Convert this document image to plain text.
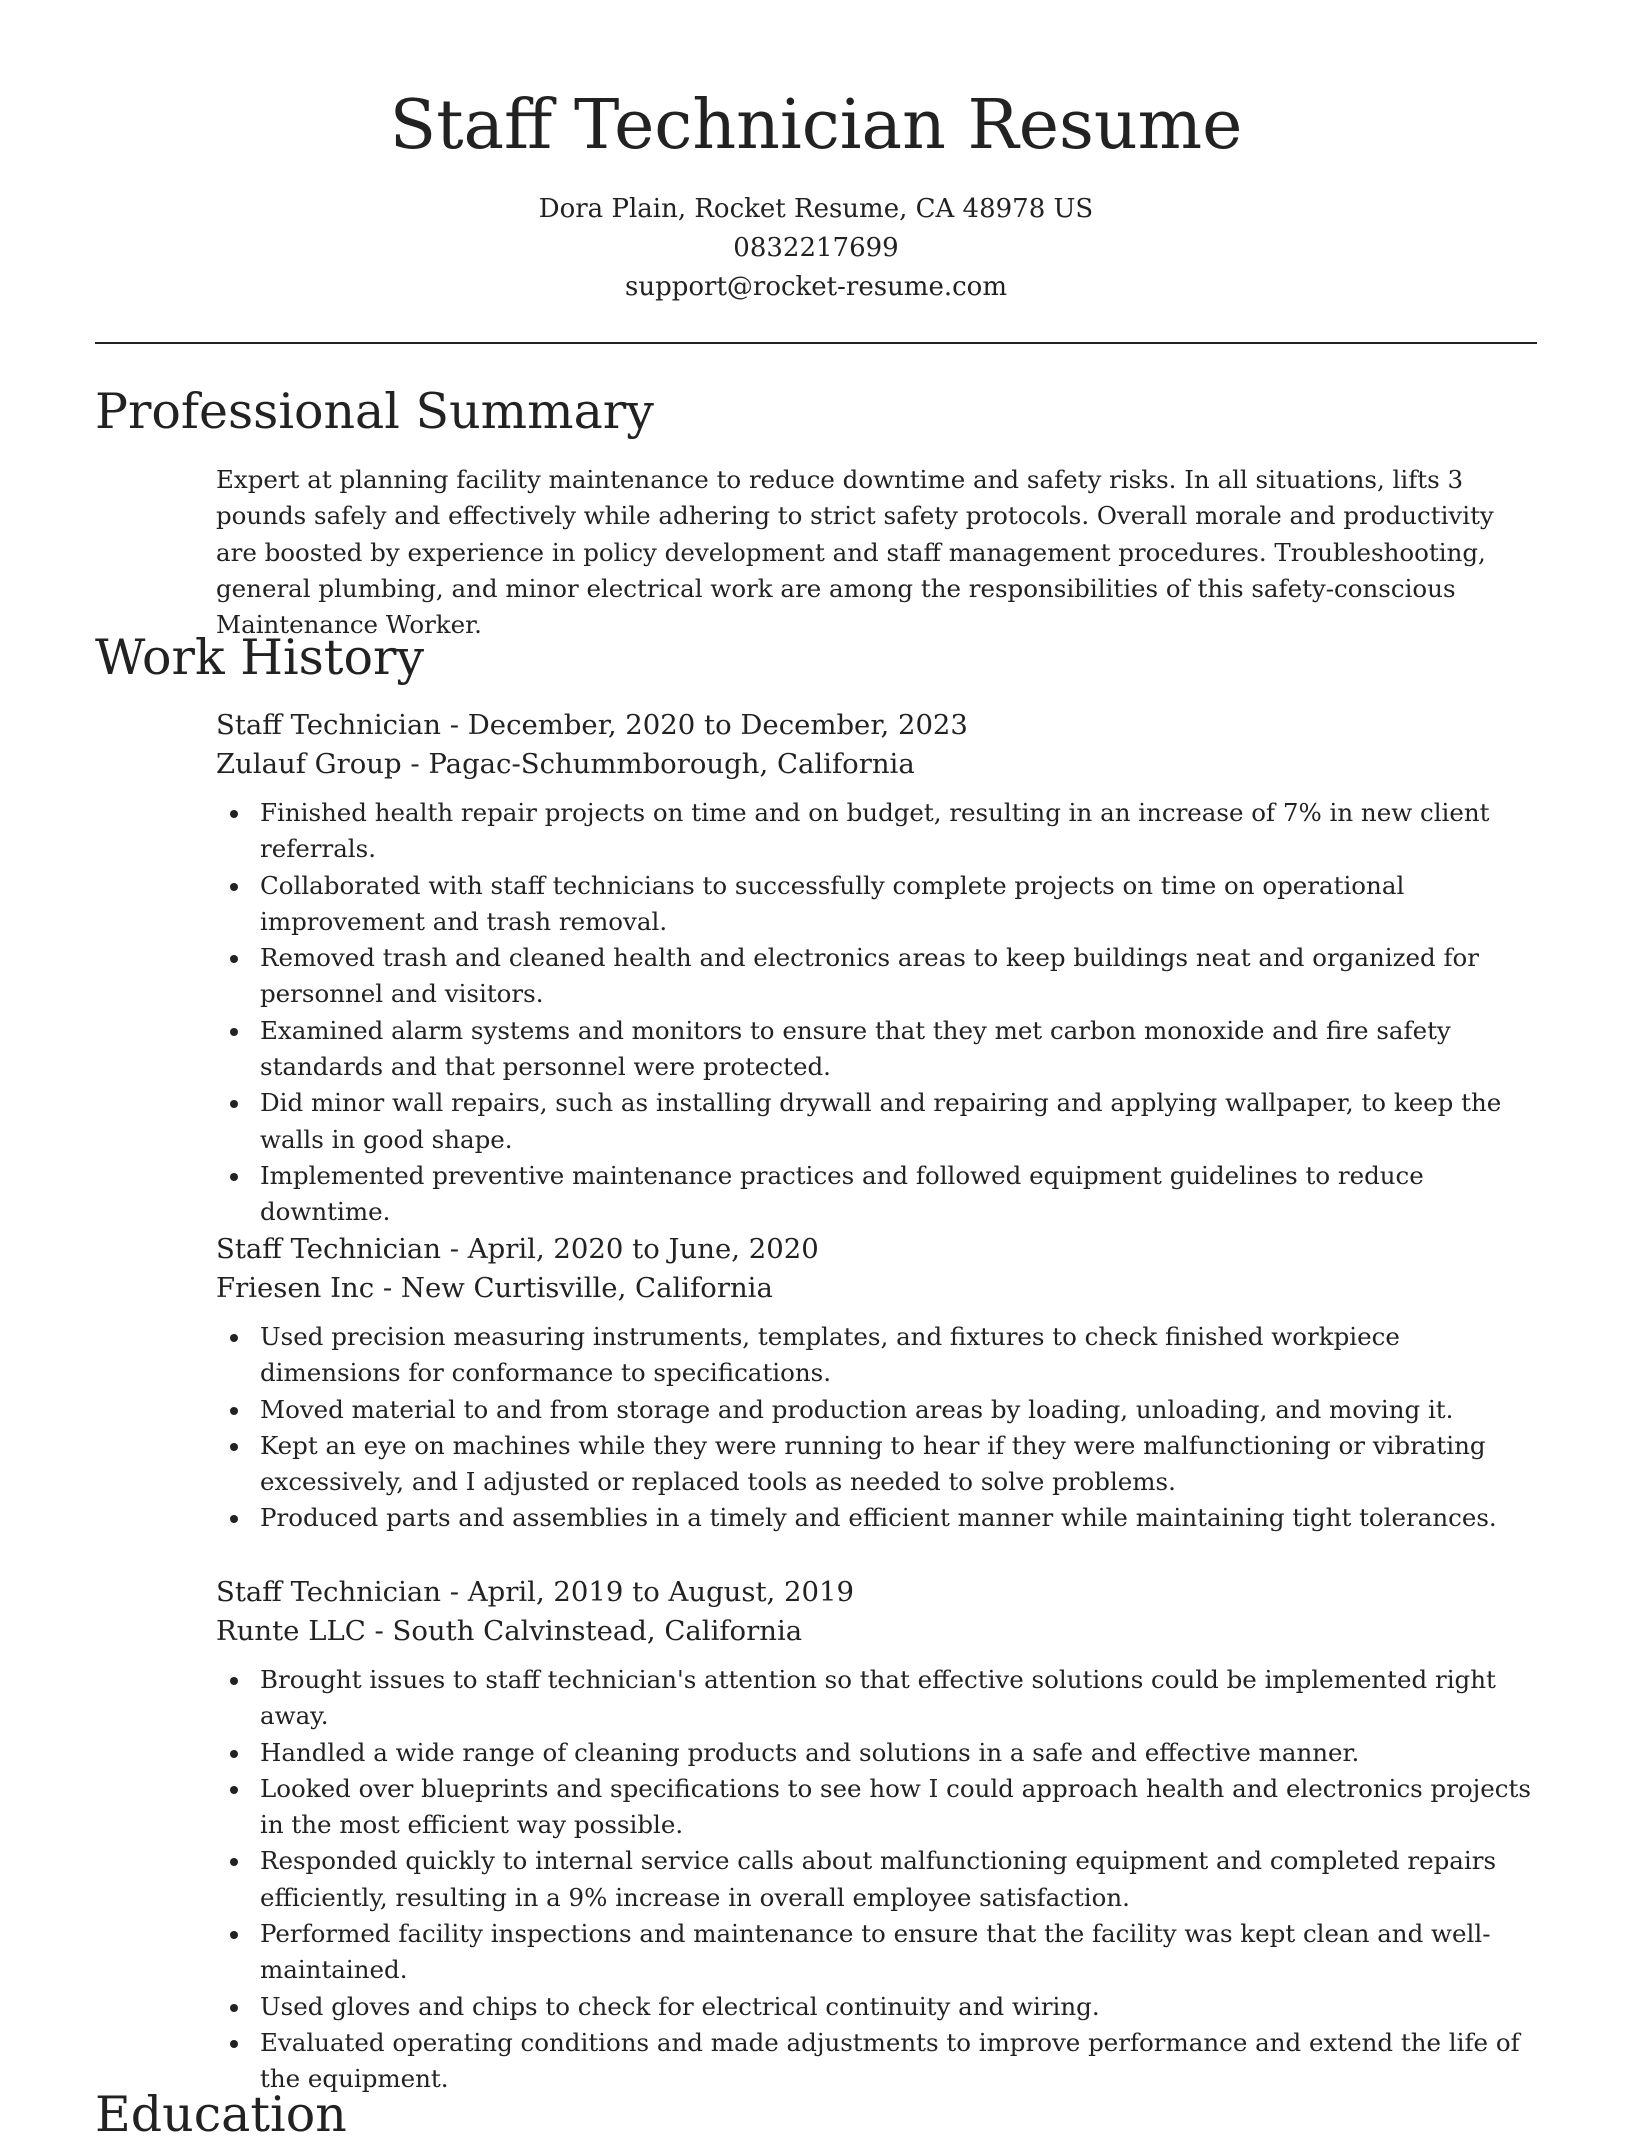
Staff Technician Resume
Dora Plain, Rocket Resume, CA 48978 US
0832217699
support@rocket-resume.com
Professional Summary

Expert at planning facility maintenance to reduce downtime and safety risks. In all situations, lifts 3 pounds safely and effectively while adhering to strict safety protocols. Overall morale and productivity are boosted by experience in policy development and staff management procedures. Troubleshooting, general plumbing, and minor electrical work are among the responsibilities of this safety-conscious Maintenance Worker.

Work History
Staff Technician - December, 2020 to December, 2023
Zulauf Group - Pagac-Schummborough, California
Finished health repair projects on time and on budget, resulting in an increase of 7% in new client referrals.
Collaborated with staff technicians to successfully complete projects on time on operational improvement and trash removal.
Removed trash and cleaned health and electronics areas to keep buildings neat and organized for personnel and visitors.
Examined alarm systems and monitors to ensure that they met carbon monoxide and fire safety standards and that personnel were protected.
Did minor wall repairs, such as installing drywall and repairing and applying wallpaper, to keep the walls in good shape.
Implemented preventive maintenance practices and followed equipment guidelines to reduce downtime.
Staff Technician - April, 2020 to June, 2020
Friesen Inc - New Curtisville, California
Used precision measuring instruments, templates, and fixtures to check finished workpiece dimensions for conformance to specifications.
Moved material to and from storage and production areas by loading, unloading, and moving it.
Kept an eye on machines while they were running to hear if they were malfunctioning or vibrating excessively, and I adjusted or replaced tools as needed to solve problems.
Produced parts and assemblies in a timely and efficient manner while maintaining tight tolerances.
Staff Technician - April, 2019 to August, 2019
Runte LLC - South Calvinstead, California
Brought issues to staff technician's attention so that effective solutions could be implemented right away.
Handled a wide range of cleaning products and solutions in a safe and effective manner.
Looked over blueprints and specifications to see how I could approach health and electronics projects in the most efficient way possible.
Responded quickly to internal service calls about malfunctioning equipment and completed repairs efficiently, resulting in a 9% increase in overall employee satisfaction.
Performed facility inspections and maintenance to ensure that the facility was kept clean and well-maintained.
Used gloves and chips to check for electrical continuity and wiring.
Evaluated operating conditions and made adjustments to improve performance and extend the life of the equipment.
Education
